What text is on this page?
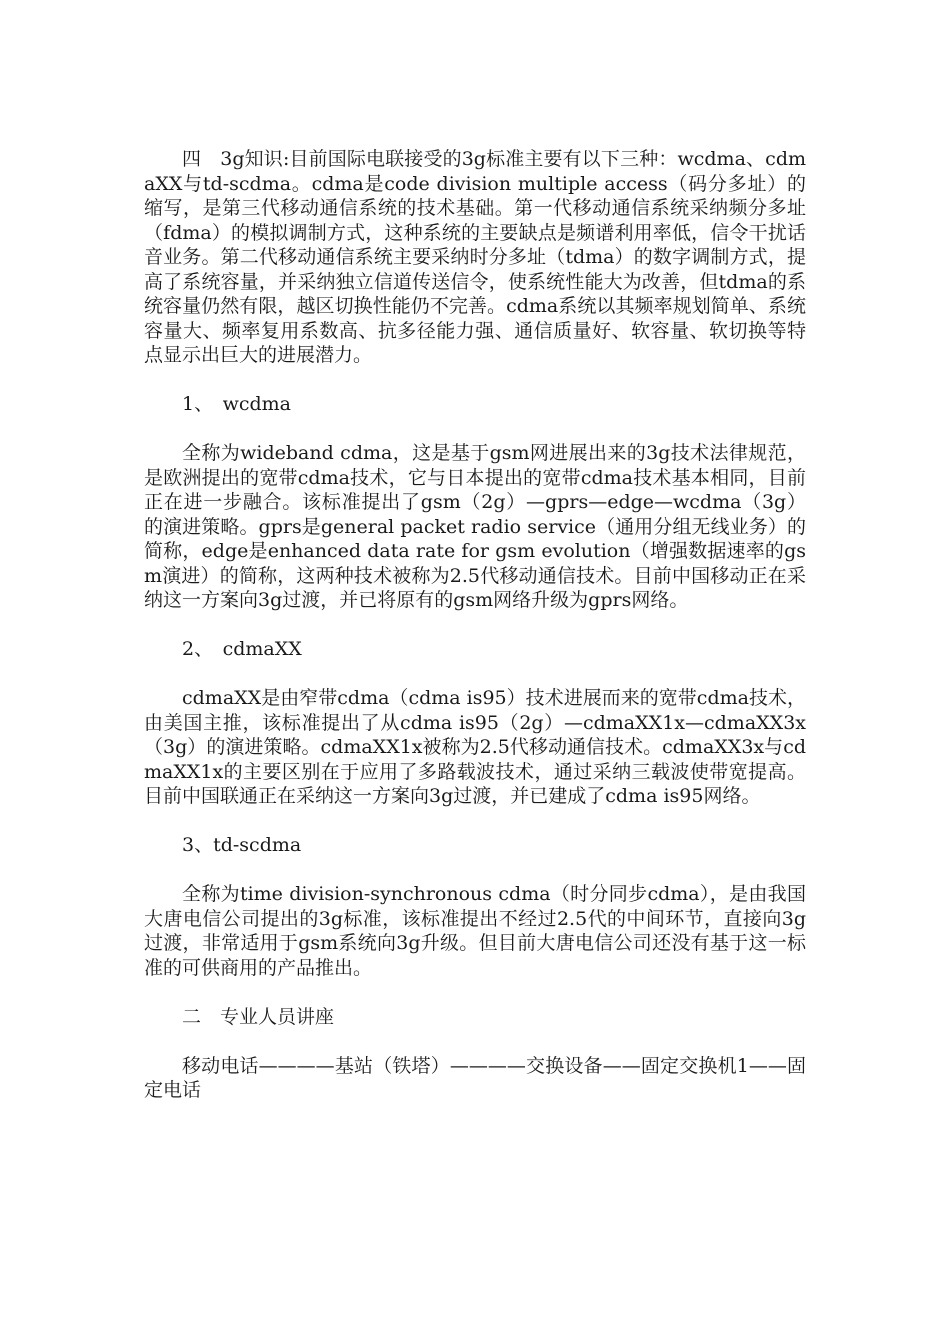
四　3g知识:目前国际电联接受的3g标准主要有以下三种：wcdma、cdmaXX与td-scdma。cdma是code division multiple access（码分多址）的缩写，是第三代移动通信系统的技术基础。第一代移动通信系统采纳频分多址（fdma）的模拟调制方式，这种系统的主要缺点是频谱利用率低，信令干扰话音业务。第二代移动通信系统主要采纳时分多址（tdma）的数字调制方式，提高了系统容量，并采纳独立信道传送信令，使系统性能大为改善，但tdma的系统容量仍然有限，越区切换性能仍不完善。cdma系统以其频率规划简单、系统容量大、频率复用系数高、抗多径能力强、通信质量好、软容量、软切换等特点显示出巨大的进展潜力。

1、　wcdma

全称为wideband cdma，这是基于gsm网进展出来的3g技术法律规范，是欧洲提出的宽带cdma技术，它与日本提出的宽带cdma技术基本相同，目前正在进一步融合。该标准提出了gsm（2g）—gprs—edge—wcdma（3g）的演进策略。gprs是general packet radio service（通用分组无线业务）的简称，edge是enhanced data rate for gsm evolution（增强数据速率的gsm演进）的简称，这两种技术被称为2.5代移动通信技术。目前中国移动正在采纳这一方案向3g过渡，并已将原有的gsm网络升级为gprs网络。

2、　cdmaXX

cdmaXX是由窄带cdma（cdma is95）技术进展而来的宽带cdma技术，由美国主推，该标准提出了从cdma is95（2g）—cdmaXX1x—cdmaXX3x（3g）的演进策略。cdmaXX1x被称为2.5代移动通信技术。cdmaXX3x与cdmaXX1x的主要区别在于应用了多路载波技术，通过采纳三载波使带宽提高。目前中国联通正在采纳这一方案向3g过渡，并已建成了cdma is95网络。

3、td-scdma

全称为time division-synchronous cdma（时分同步cdma），是由我国大唐电信公司提出的3g标准，该标准提出不经过2.5代的中间环节，直接向3g过渡，非常适用于gsm系统向3g升级。但目前大唐电信公司还没有基于这一标准的可供商用的产品推出。

二　专业人员讲座

移动电话————基站（铁塔）————交换设备——固定交换机1——固定电话
